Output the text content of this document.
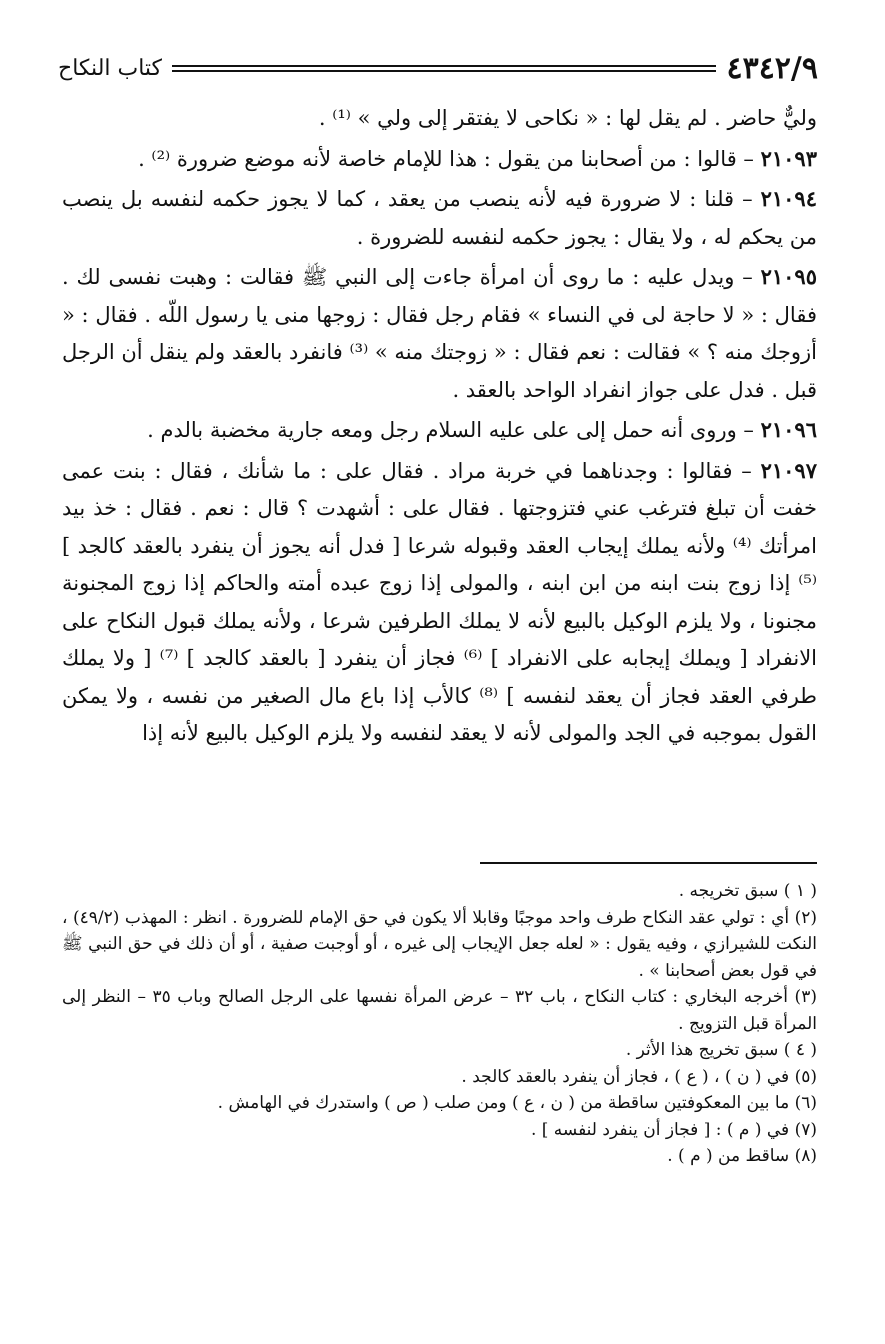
٤٣٤٢/٩
كتاب النكاح

وليٌّ حاضر . لم يقل لها : « نكاحى لا يفتقر إلى ولي » ⁽¹⁾ .

٢١٠٩٣ – قالوا : من أصحابنا من يقول : هذا للإمام خاصة لأنه موضع ضرورة ⁽²⁾ .

٢١٠٩٤ – قلنا : لا ضرورة فيه لأنه ينصب من يعقد ، كما لا يجوز حكمه لنفسه بل ينصب من يحكم له ، ولا يقال : يجوز حكمه لنفسه للضرورة .

٢١٠٩٥ – ويدل عليه : ما روى أن امرأة جاءت إلى النبي ﷺ فقالت : وهبت نفسى لك . فقال : « لا حاجة لى في النساء » فقام رجل فقال : زوجها منى يا رسول اللّه . فقال : « أزوجك منه ؟ » فقالت : نعم فقال : « زوجتك منه » ⁽³⁾ فانفرد بالعقد ولم ينقل أن الرجل قبل . فدل على جواز انفراد الواحد بالعقد .

٢١٠٩٦ – وروى أنه حمل إلى على عليه السلام رجل ومعه جارية مخضبة بالدم .

٢١٠٩٧ – فقالوا : وجدناهما في خربة مراد . فقال على : ما شأنك ، فقال : بنت عمى خفت أن تبلغ فترغب عني فتزوجتها . فقال على : أشهدت ؟ قال : نعم . فقال : خذ بيد امرأتك ⁽⁴⁾ ولأنه يملك إيجاب العقد وقبوله شرعا [ فدل أنه يجوز أن ينفرد بالعقد كالجد ] ⁽⁵⁾ إذا زوج بنت ابنه من ابن ابنه ، والمولى إذا زوج عبده أمته والحاكم إذا زوج المجنونة مجنونا ، ولا يلزم الوكيل بالبيع لأنه لا يملك الطرفين شرعا ، ولأنه يملك قبول النكاح على الانفراد [ ويملك إيجابه على الانفراد ] ⁽⁶⁾ فجاز أن ينفرد [ بالعقد كالجد ] ⁽⁷⁾ [ ولا يملك طرفي العقد فجاز أن يعقد لنفسه ] ⁽⁸⁾ كالأب إذا باع مال الصغير من نفسه ، ولا يمكن القول بموجبه في الجد والمولى لأنه لا يعقد لنفسه ولا يلزم الوكيل بالبيع لأنه إذا

( ١ ) سبق تخريجه .

(٢) أي : تولي عقد النكاح طرف واحد موجبًا وقابلا ألا يكون في حق الإمام للضرورة . انظر : المهذب (٤٩/٢) ، النكت للشيرازي ، وفيه يقول : « لعله جعل الإيجاب إلى غيره ، أو أوجبت صفية ، أو أن ذلك في حق النبي ﷺ في قول بعض أصحابنا » .

(٣) أخرجه البخاري : كتاب النكاح ، باب ٣٢ – عرض المرأة نفسها على الرجل الصالح وباب ٣٥ – النظر إلى المرأة قبل التزويج .

( ٤ ) سبق تخريج هذا الأثر .

(٥) في ( ن ) ، ( ع ) ، فجاز أن ينفرد بالعقد كالجد .

(٦) ما بين المعكوفتين ساقطة من ( ن ، ع ) ومن صلب ( ص ) واستدرك في الهامش .

(٧) في ( م ) : [ فجاز أن ينفرد لنفسه ] .

(٨) ساقط من ( م ) .
